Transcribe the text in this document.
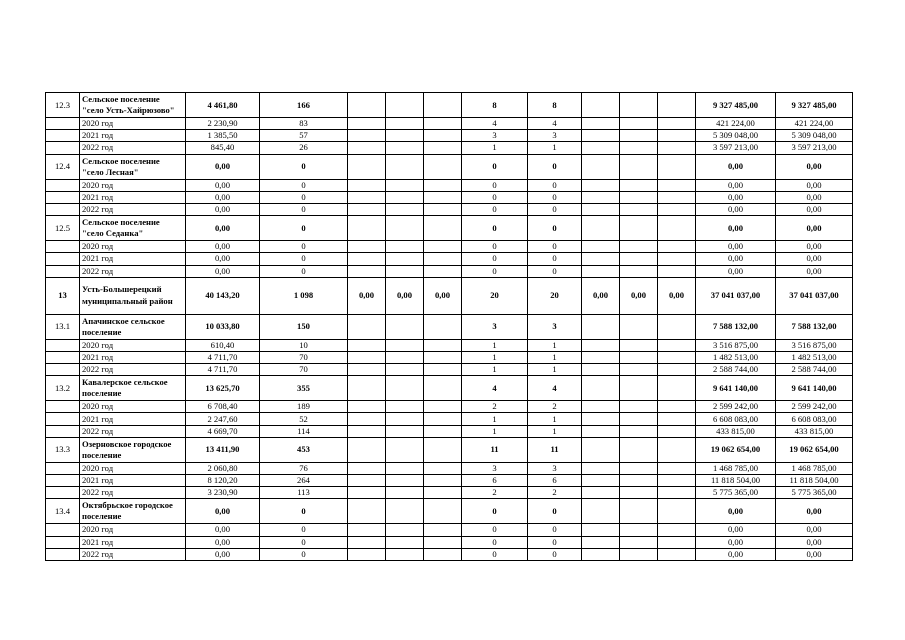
12.3	Сельское поселение "село Усть-Хайрюзово"	4 461,80	166				8	8				9 327 485,00	9 327 485,00
	2020 год	2 230,90	83				4	4				421 224,00	421 224,00
	2021 год	1 385,50	57				3	3				5 309 048,00	5 309 048,00
	2022 год	845,40	26				1	1				3 597 213,00	3 597 213,00
12.4	Сельское поселение "село Лесная"	0,00	0				0	0				0,00	0,00
	2020 год	0,00	0				0	0				0,00	0,00
	2021 год	0,00	0				0	0				0,00	0,00
	2022 год	0,00	0				0	0				0,00	0,00
12.5	Сельское поселение "село Седанка"	0,00	0				0	0				0,00	0,00
	2020 год	0,00	0				0	0				0,00	0,00
	2021 год	0,00	0				0	0				0,00	0,00
	2022 год	0,00	0				0	0				0,00	0,00
13	Усть-Большерецкий муниципальный район	40 143,20	1 098	0,00	0,00	0,00	20	20	0,00	0,00	0,00	37 041 037,00	37 041 037,00
13.1	Апачинское сельское поселение	10 033,80	150				3	3				7 588 132,00	7 588 132,00
	2020 год	610,40	10				1	1				3 516 875,00	3 516 875,00
	2021 год	4 711,70	70				1	1				1 482 513,00	1 482 513,00
	2022 год	4 711,70	70				1	1				2 588 744,00	2 588 744,00
13.2	Кавалерское сельское поселение	13 625,70	355				4	4				9 641 140,00	9 641 140,00
	2020 год	6 708,40	189				2	2				2 599 242,00	2 599 242,00
	2021 год	2 247,60	52				1	1				6 608 083,00	6 608 083,00
	2022 год	4 669,70	114				1	1				433 815,00	433 815,00
13.3	Озерновское городское поселение	13 411,90	453				11	11				19 062 654,00	19 062 654,00
	2020 год	2 060,80	76				3	3				1 468 785,00	1 468 785,00
	2021 год	8 120,20	264				6	6				11 818 504,00	11 818 504,00
	2022 год	3 230,90	113				2	2				5 775 365,00	5 775 365,00
13.4	Октябрьское городское поселение	0,00	0				0	0				0,00	0,00
	2020 год	0,00	0				0	0				0,00	0,00
	2021 год	0,00	0				0	0				0,00	0,00
	2022 год	0,00	0				0	0				0,00	0,00
